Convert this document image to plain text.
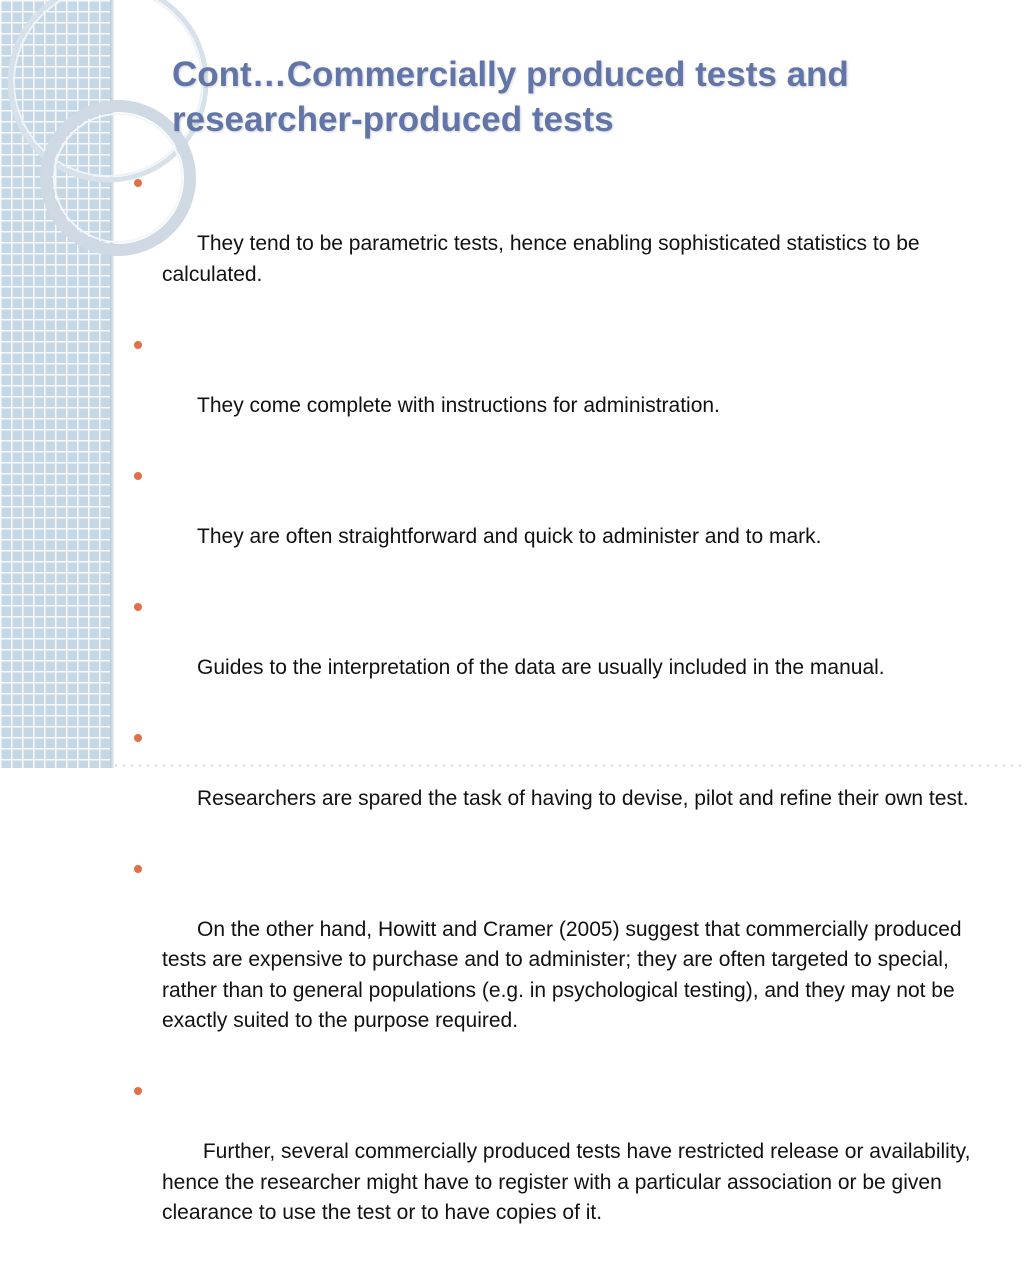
Cont…Commercially produced tests and researcher-produced tests

They tend to be parametric tests, hence enabling sophisticated statistics to be calculated.

They come complete with instructions for administration.

They are often straightforward and quick to administer and to mark.

Guides to the interpretation of the data are usually included in the manual.

Researchers are spared the task of having to devise, pilot and refine their own test.

On the other hand, Howitt and Cramer (2005) suggest that commercially produced tests are expensive to purchase and to administer; they are often targeted to special, rather than to general populations (e.g. in psychological testing), and they may not be exactly suited to the purpose required.

Further, several commercially produced tests have restricted release or availability, hence the researcher might have to register with a particular association or be given clearance to use the test or to have copies of it.
